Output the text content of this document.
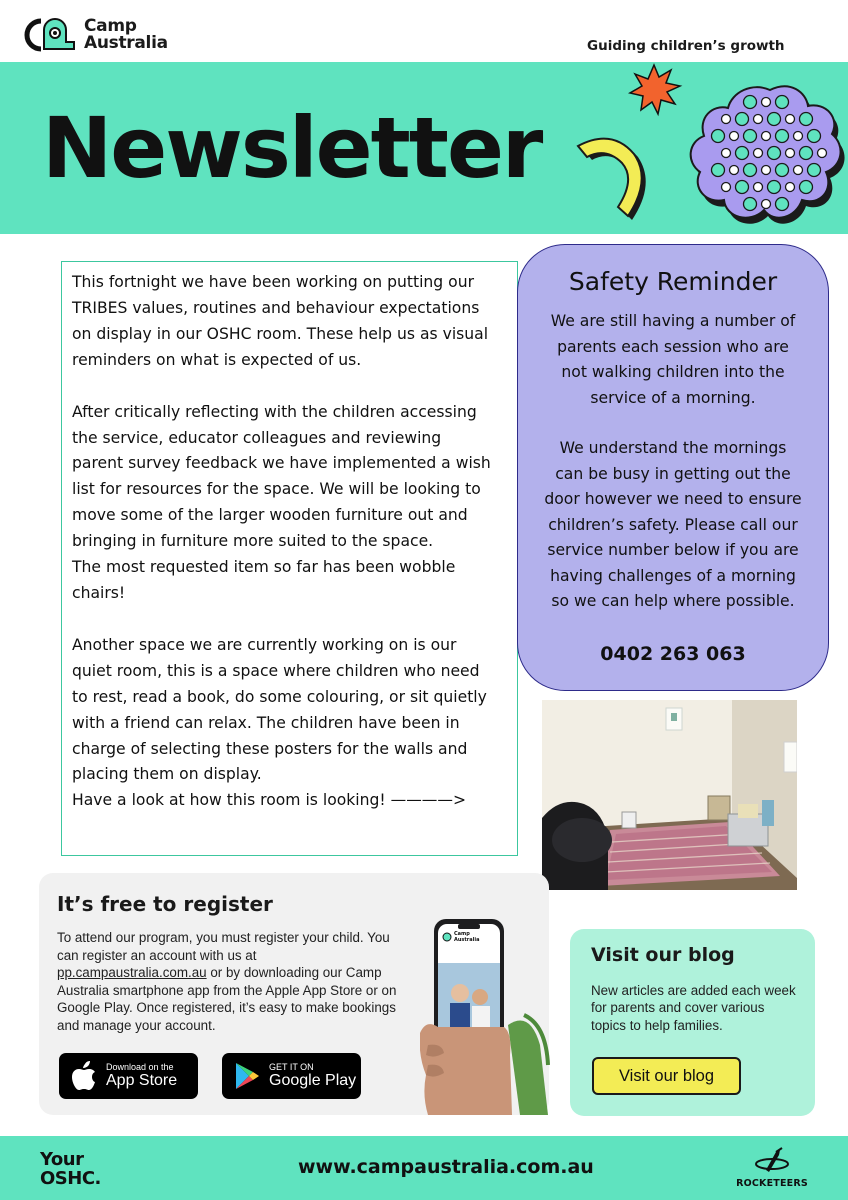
Camp
Australia	Guiding children’s growth
Newsletter

This fortnight we have been working on putting our
TRIBES values, routines and behaviour expectations
on display in our OSHC room. These help us as visual
reminders on what is expected of us.

After critically reflecting with the children accessing
the service, educator colleagues and reviewing
parent survey feedback we have implemented a wish
list for resources for the space. We will be looking to
move some of the larger wooden furniture out and
bringing in furniture more suited to the space.
The most requested item so far has been wobble
chairs!

Another space we are currently working on is our
quiet room, this is a space where children who need
to rest, read a book, do some colouring, or sit quietly
with a friend can relax. The children have been in
charge of selecting these posters for the walls and
placing them on display.
Have a look at how this room is looking! ————>

Safety Reminder

We are still having a number of
parents each session who are
not walking children into the
service of a morning.

We understand the mornings
can be busy in getting out the
door however we need to ensure
children’s safety. Please call our
service number below if you are
having challenges of a morning
so we can help where possible.

0402 263 063
It’s free to register

To attend our program, you must register your child. You can register an account with us at pp.campaustralia.com.au or by downloading our Camp Australia smartphone app from the Apple App Store or on Google Play. Once registered, it’s easy to make bookings and manage your account.

Download on the
App Store
GET IT ON
Google Play
Camp
Australia
Visit our blog

New articles are added each week for parents and cover various topics to help families.

Visit our blog
Your
OSHC.
www.campaustralia.com.au
ROCKETEERS
